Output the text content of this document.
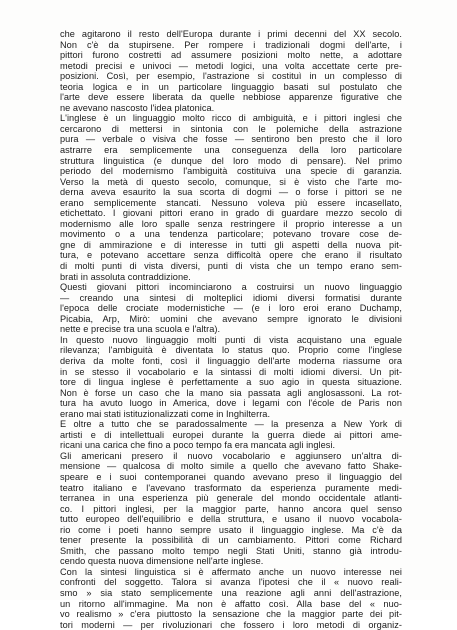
che agitarono il resto dell'Europa durante i primi decenni del XX secolo.
Non c'è da stupirsene. Per rompere i tradizionali dogmi dell'arte, i
pittori furono costretti ad assumere posizioni molto nette, a adottare
metodi precisi e univoci — metodi logici, una volta accettate certe pre-
posizioni. Così, per esempio, l'astrazione si costituì in un complesso di
teoria logica e in un particolare linguaggio basati sul postulato che
l'arte deve essere liberata da quelle nebbiose apparenze figurative che
ne avevano nascosto l'idea platonica.
L'inglese è un linguaggio molto ricco di ambiguità, e i pittori inglesi che
cercarono di mettersi in sintonia con le polemiche della astrazione
pura — verbale o visiva che fosse — sentirono ben presto che il loro
astrarre era semplicemente una conseguenza della loro particolare
struttura linguistica (e dunque del loro modo di pensare). Nel primo
periodo del modernismo l'ambiguità costituiva una specie di garanzia.
Verso la metà di questo secolo, comunque, si è visto che l'arte mo-
derna aveva esaurito la sua scorta di dogmi — o forse i pittori se ne
erano semplicemente stancati. Nessuno voleva più essere incasellato,
etichettato. I giovani pittori erano in grado di guardare mezzo secolo di
modernismo alle loro spalle senza restringere il proprio interesse a un
movimento o a una tendenza particolare; potevano trovare cose de-
gne di ammirazione e di interesse in tutti gli aspetti della nuova pit-
tura, e potevano accettare senza difficoltà opere che erano il risultato
di molti punti di vista diversi, punti di vista che un tempo erano sem-
brati in assoluta contraddizione.
Questi giovani pittori incominciarono a costruirsi un nuovo linguaggio
— creando una sintesi di molteplici idiomi diversi formatisi durante
l'epoca delle crociate modernistiche — (e i loro eroi erano Duchamp,
Picabia, Arp, Mirò: uomini che avevano sempre ignorato le divisioni
nette e precise tra una scuola e l'altra).
In questo nuovo linguaggio molti punti di vista acquistano una eguale
rilevanza; l'ambiguità è diventata lo status quo. Proprio come l'inglese
deriva da molte fonti, così il linguaggio dell'arte moderna riassume ora
in se stesso il vocabolario e la sintassi di molti idiomi diversi. Un pit-
tore di lingua inglese è perfettamente a suo agio in questa situazione.
Non è forse un caso che la mano sia passata agli anglosassoni. La rot-
tura ha avuto luogo in America, dove i legami con l'école de Paris non
erano mai stati istituzionalizzati come in Inghilterra.
E oltre a tutto che se paradossalmente — la presenza a New York di
artisti e di intellettuali europei durante la guerra diede ai pittori ame-
ricani una carica che fino a poco tempo fa era mancata agli inglesi.
Gli americani presero il nuovo vocabolario e aggiunsero un'altra di-
mensione — qualcosa di molto simile a quello che avevano fatto Shake-
speare e i suoi contemporanei quando avevano preso il linguaggio del
teatro italiano e l'avevano trasformato da esperienza puramente medi-
terranea in una esperienza più generale del mondo occidentale atlanti-
co. I pittori inglesi, per la maggior parte, hanno ancora quel senso
tutto europeo dell'equilibrio e della struttura, e usano il nuovo vocabola-
rio come i poeti hanno sempre usato il linguaggio inglese. Ma c'è da
tener presente la possibilità di un cambiamento. Pittori come Richard
Smith, che passano molto tempo negli Stati Uniti, stanno già introdu-
cendo questa nuova dimensione nell'arte inglese.
Con la sintesi linguistica si è affermato anche un nuovo interesse nei
confronti del soggetto. Talora si avanza l'ipotesi che il « nuovo reali-
smo » sia stato semplicemente una reazione agli anni dell'astrazione,
un ritorno all'immagine. Ma non è affatto così. Alla base del « nuo-
vo realismo » c'era piuttosto la sensazione che la maggior parte dei pit-
tori moderni — per rivoluzionari che fossero i loro metodi di organiz-
